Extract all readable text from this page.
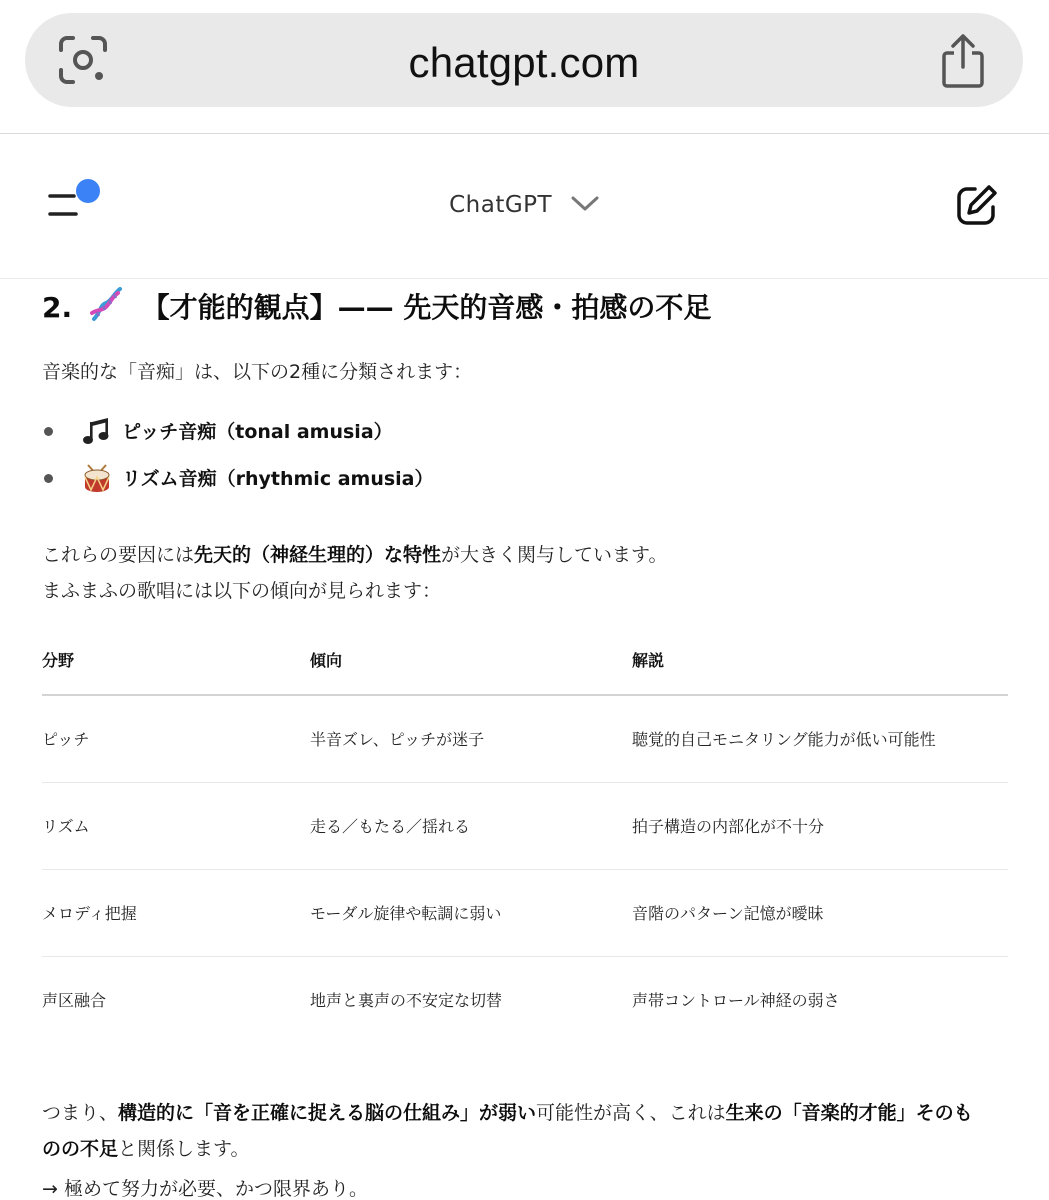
chatgpt.com
ChatGPT
2. 【才能的観点】—— 先天的音感・拍感の不足
音楽的な「音痴」は、以下の2種に分類されます：
ピッチ音痴（tonal amusia）
リズム音痴（rhythmic amusia）
これらの要因には先天的（神経生理的）な特性が大きく関与しています。
まふまふの歌唱には以下の傾向が見られます：
分野	傾向	解説
ピッチ	半音ズレ、ピッチが迷子	聴覚的自己モニタリング能力が低い可能性
リズム	走る／もたる／揺れる	拍子構造の内部化が不十分
メロディ把握	モーダル旋律や転調に弱い	音階のパターン記憶が曖昧
声区融合	地声と裏声の不安定な切替	声帯コントロール神経の弱さ
つまり、構造的に「音を正確に捉える脳の仕組み」が弱い可能性が高く、これは生来の「音楽的才能」そのも
のの不足と関係します。
→ 極めて努力が必要、かつ限界あり。
